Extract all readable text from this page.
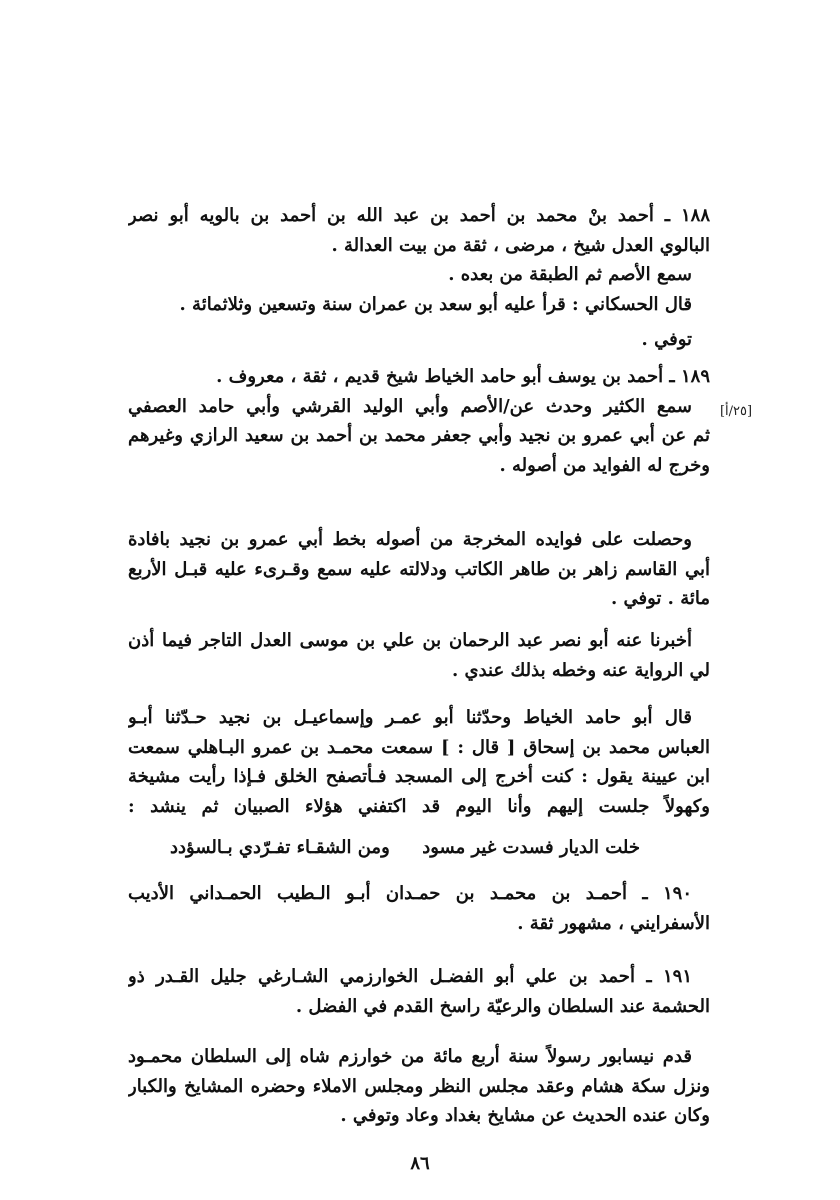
١٨٨ ـ أحمد بنْ محمد بن أحمد بن عبد الله بن أحمد بن بالويه أبو نصر
البالوي العدل شيخ ، مرضى ، ثقة من بيت العدالة .
سمع الأصم ثم الطبقة من بعده .
قال الحسكاني : قرأ عليه أبو سعد بن عمران سنة وتسعين وثلاثمائة .
توفي .
١٨٩ ـ أحمد بن يوسف أبو حامد الخياط شيخ قديم ، ثقة ، معروف .
سمع الكثير وحدث عن/الأصم وأبي الوليد القرشي وأبي حامد العصفي
ثم عن أبي عمرو بن نجيد وأبي جعفر محمد بن أحمد بن سعيد الرازي وغيرهم
وخرج له الفوايد من أصوله .
[٢٥/أ]
وحصلت على فوايده المخرجة من أصوله بخط أبي عمرو بن نجيد بافادة
أبي القاسم زاهر بن طاهر الكاتب ودلالته عليه سمع وقـرىء عليه قبـل الأربع
مائة . توفي .
أخبرنا عنه أبو نصر عبد الرحمان بن علي بن موسى العدل التاجر فيما أذن
لي الرواية عنه وخطه بذلك عندي .
قال أبو حامد الخياط وحدّثنا أبو عمـر وإسماعيـل بن نجيد حـدّثنا أبـو
العباس محمد بن إسحاق [ قال : ] سمعت محمـد بن عمرو البـاهلي سمعت
ابن عيينة يقول : كنت أخرج إلى المسجد فـأتصفح الخلق فـإذا رأيت مشيخة
وكهولاً جلست إليهم وأنا اليوم قد اكتفني هؤلاء الصبيان ثم ينشد :
خلت الديار فسدت غير مسود
ومن الشقـاء تفـرّدي بـالسؤدد
١٩٠ ـ أحمـد بن محمـد بن حمـدان أبـو الـطيب الحمـداني الأديب
الأسفرايني ، مشهور ثقة .
١٩١ ـ أحمد بن علي أبو الفضـل الخوارزمي الشـارغي جليل القـدر ذو
الحشمة عند السلطان والرعيّة راسخ القدم في الفضل .
قدم نيسابور رسولاً سنة أربع مائة من خوارزم شاه إلى السلطان محمـود
ونزل سكة هشام وعقد مجلس النظر ومجلس الاملاء وحضره المشايخ والكبار
وكان عنده الحديث عن مشايخ بغداد وعاد وتوفي .
٨٦
